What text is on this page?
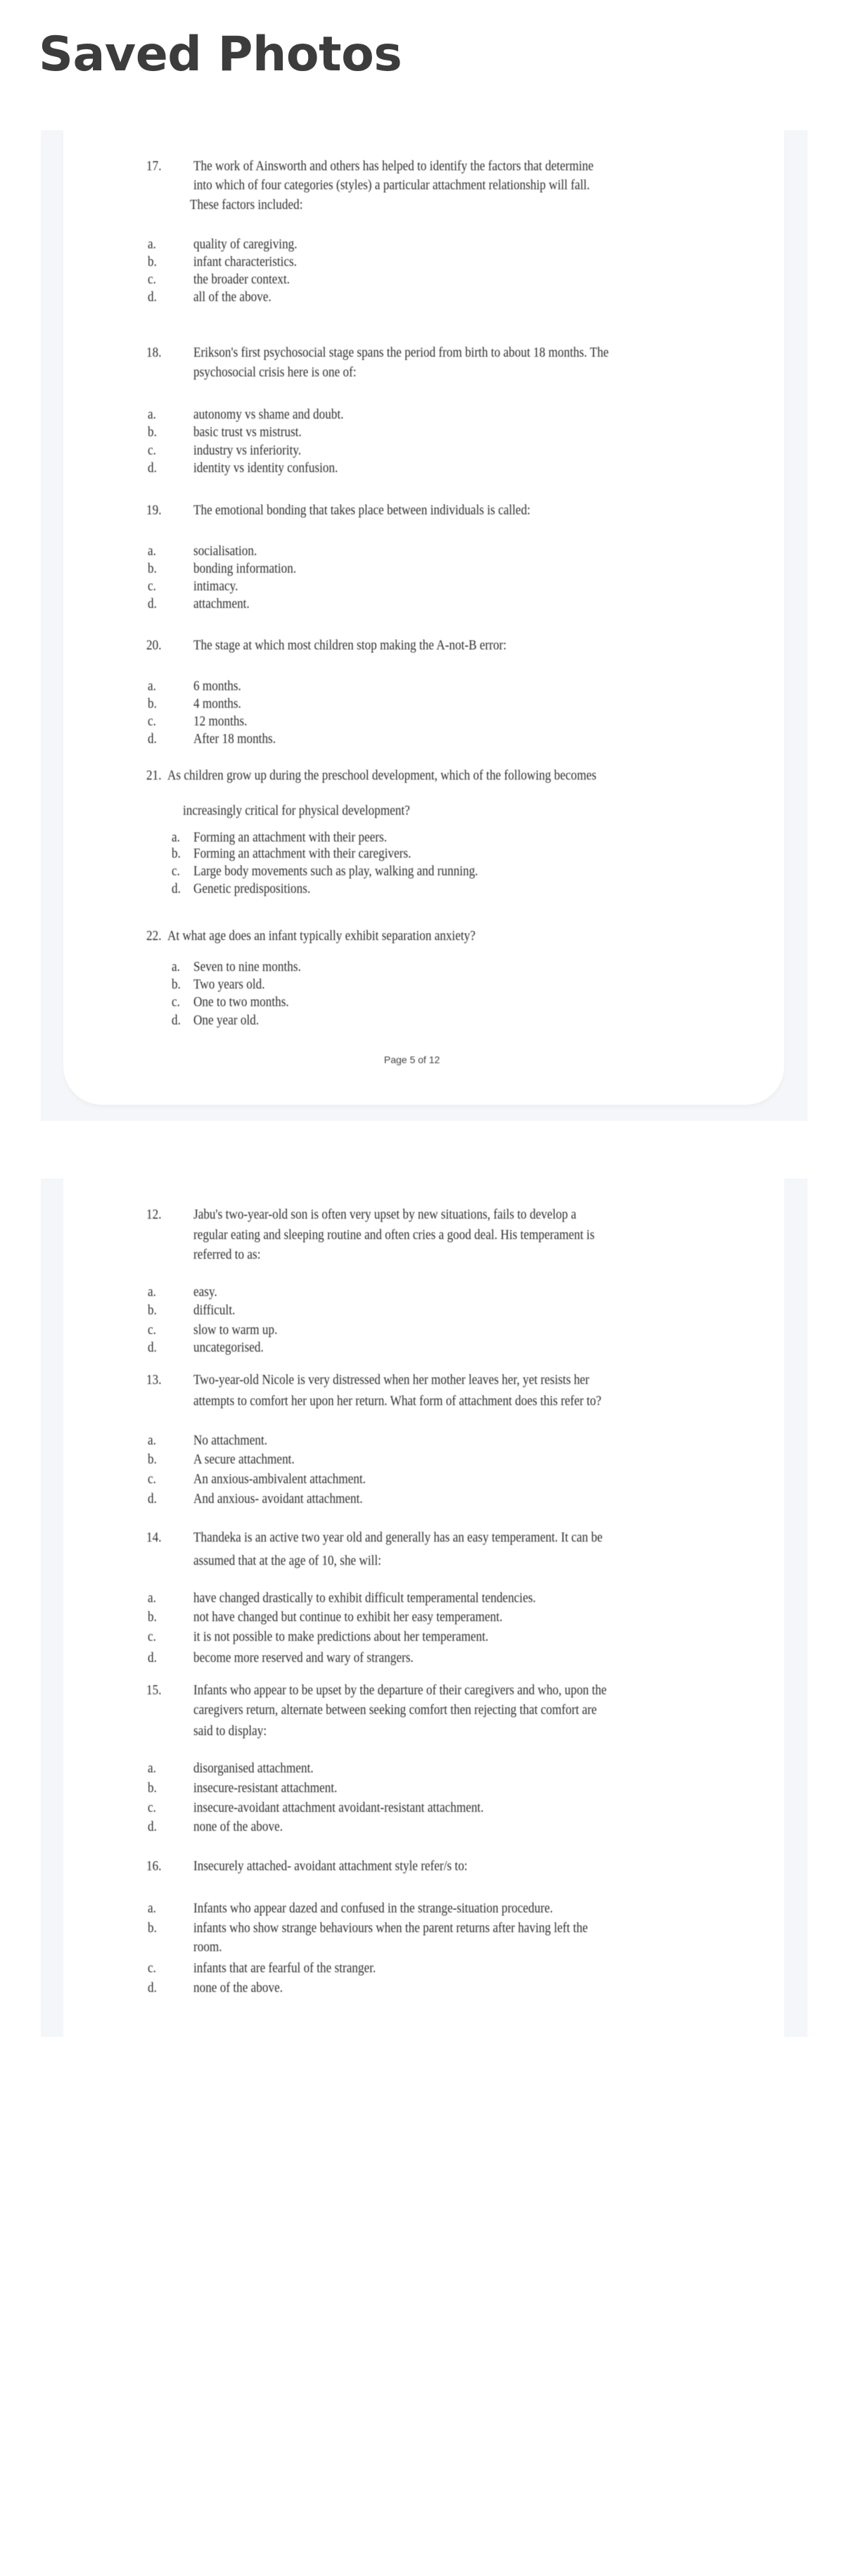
Saved Photos
17. The work of Ainsworth and others has helped to identify the factors that determine
into which of four categories (styles) a particular attachment relationship will fall.
These factors included:
a.	quality of caregiving.
b.	infant characteristics.
c.	the broader context.
d.	all of the above.
18. Erikson's first psychosocial stage spans the period from birth to about 18 months. The
psychosocial crisis here is one of:
a.	autonomy vs shame and doubt.
b.	basic trust vs mistrust.
c.	industry vs inferiority.
d.	identity vs identity confusion.
19. The emotional bonding that takes place between individuals is called:
a.	socialisation.
b.	bonding information.
c.	intimacy.
d.	attachment.
20. The stage at which most children stop making the A-not-B error:
a.	6 months.
b.	4 months.
c.	12 months.
d.	After 18 months.
21. As children grow up during the preschool development, which of the following becomes
increasingly critical for physical development?
a. Forming an attachment with their peers.
b. Forming an attachment with their caregivers.
c. Large body movements such as play, walking and running.
d. Genetic predispositions.
22. At what age does an infant typically exhibit separation anxiety?
a. Seven to nine months.
b. Two years old.
c. One to two months.
d. One year old.
Page 5 of 12
12. Jabu's two-year-old son is often very upset by new situations, fails to develop a
regular eating and sleeping routine and often cries a good deal. His temperament is
referred to as:
a.	easy.
b.	difficult.
c.	slow to warm up.
d.	uncategorised.
13. Two-year-old Nicole is very distressed when her mother leaves her, yet resists her
attempts to comfort her upon her return. What form of attachment does this refer to?
a.	No attachment.
b.	A secure attachment.
c.	An anxious-ambivalent attachment.
d.	And anxious- avoidant attachment.
14. Thandeka is an active two year old and generally has an easy temperament. It can be
assumed that at the age of 10, she will:
a.	have changed drastically to exhibit difficult temperamental tendencies.
b.	not have changed but continue to exhibit her easy temperament.
c.	it is not possible to make predictions about her temperament.
d.	become more reserved and wary of strangers.
15. Infants who appear to be upset by the departure of their caregivers and who, upon the
caregivers return, alternate between seeking comfort then rejecting that comfort are
said to display:
a.	disorganised attachment.
b.	insecure-resistant attachment.
c.	insecure-avoidant attachment avoidant-resistant attachment.
d.	none of the above.
16. Insecurely attached- avoidant attachment style refer/s to:
a.	Infants who appear dazed and confused in the strange-situation procedure.
b.	infants who show strange behaviours when the parent returns after having left the
room.
c.	infants that are fearful of the stranger.
d.	none of the above.
